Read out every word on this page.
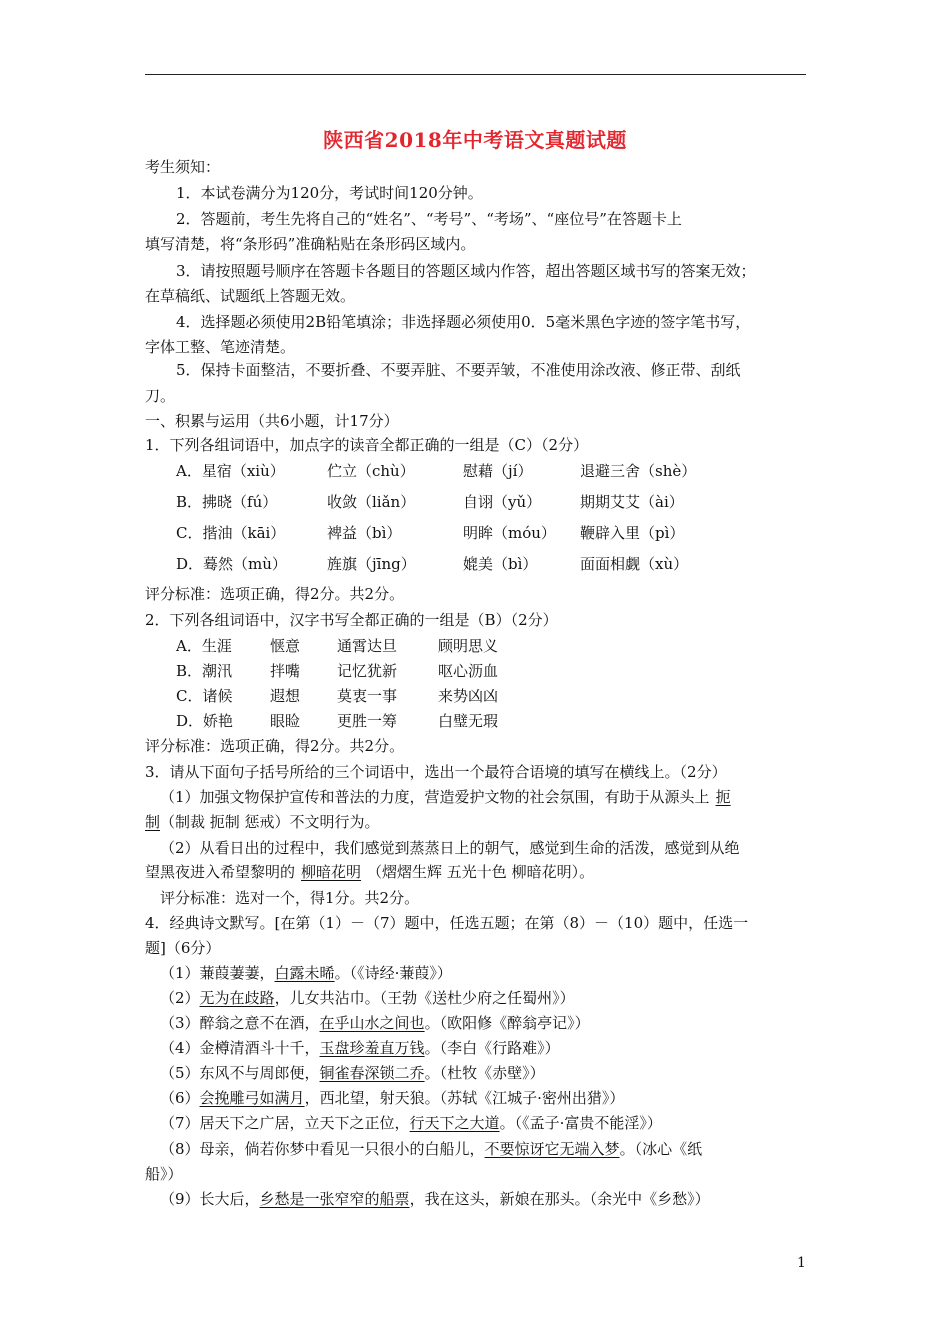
陕西省2018年中考语文真题试题
考生须知：
1．本试卷满分为120分，考试时间120分钟。
2．答题前，考生先将自己的“姓名”、“考号”、“考场”、“座位号”在答题卡上
填写清楚，将“条形码”准确粘贴在条形码区域内。
3．请按照题号顺序在答题卡各题目的答题区域内作答，超出答题区域书写的答案无效；
在草稿纸、试题纸上答题无效。
4．选择题必须使用2B铅笔填涂；非选择题必须使用0．5毫米黑色字迹的签字笔书写，
字体工整、笔迹清楚。
5．保持卡面整洁，不要折叠、不要弄脏、不要弄皱，不准使用涂改液、修正带、刮纸
刀。
一、积累与运用（共6小题，计17分）
1．下列各组词语中，加点字的读音全都正确的一组是（C）（2分）
A．星宿（xiù）	伫立（chù）	慰藉（jí）	退避三舍（shè）
B．拂晓（fú）	收敛（liǎn）	自诩（yǔ）	期期艾艾（ài）
C．揩油（kāi）	裨益（bì）	明眸（móu） 鞭辟入里（pì）
D．蓦然（mù）	旌旗（jīng）	媲美（bì）	面面相觑（xù）
评分标准：选项正确，得2分。共2分。
2．下列各组词语中，汉字书写全都正确的一组是（B）（2分）
A．生涯	惬意 通霄达旦	顾明思义
B．潮汛	拌嘴 记忆犹新	呕心沥血
C．诸候	遐想 莫衷一事	来势凶凶
D．娇艳 眼睑 更胜一筹	白璧无瑕
评分标准：选项正确，得2分。共2分。
3．请从下面句子括号所给的三个词语中，选出一个最符合语境的填写在横线上。（2分）
（1）加强文物保护宣传和普法的力度，营造爱护文物的社会氛围，有助于从源头上 扼
制（制裁 扼制 惩戒）不文明行为。
（2）从看日出的过程中，我们感觉到蒸蒸日上的朝气，感觉到生命的活泼，感觉到从绝
望黑夜进入希望黎明的 柳暗花明 （熠熠生辉 五光十色 柳暗花明）。
评分标准：选对一个，得1分。共2分。
4．经典诗文默写。[在第（1）－（7）题中，任选五题；在第（8）－（10）题中，任选一
题]（6分）
（1）蒹葭萋萋，白露未晞。（《诗经·蒹葭》）
（2）无为在歧路，儿女共沾巾。（王勃《送杜少府之任蜀州》）
（3）醉翁之意不在酒，在乎山水之间也。（欧阳修《醉翁亭记》）
（4）金樽清酒斗十千，玉盘珍羞直万钱。（李白《行路难》）
（5）东风不与周郎便，铜雀春深锁二乔。（杜牧《赤壁》）
（6）会挽雕弓如满月，西北望，射天狼。（苏轼《江城子·密州出猎》）
（7）居天下之广居，立天下之正位，行天下之大道。（《孟子·富贵不能淫》）
（8）母亲，倘若你梦中看见一只很小的白船儿，不要惊讶它无端入梦。（冰心《纸
船》）
（9）长大后，乡愁是一张窄窄的船票，我在这头，新娘在那头。（余光中《乡愁》）
1
